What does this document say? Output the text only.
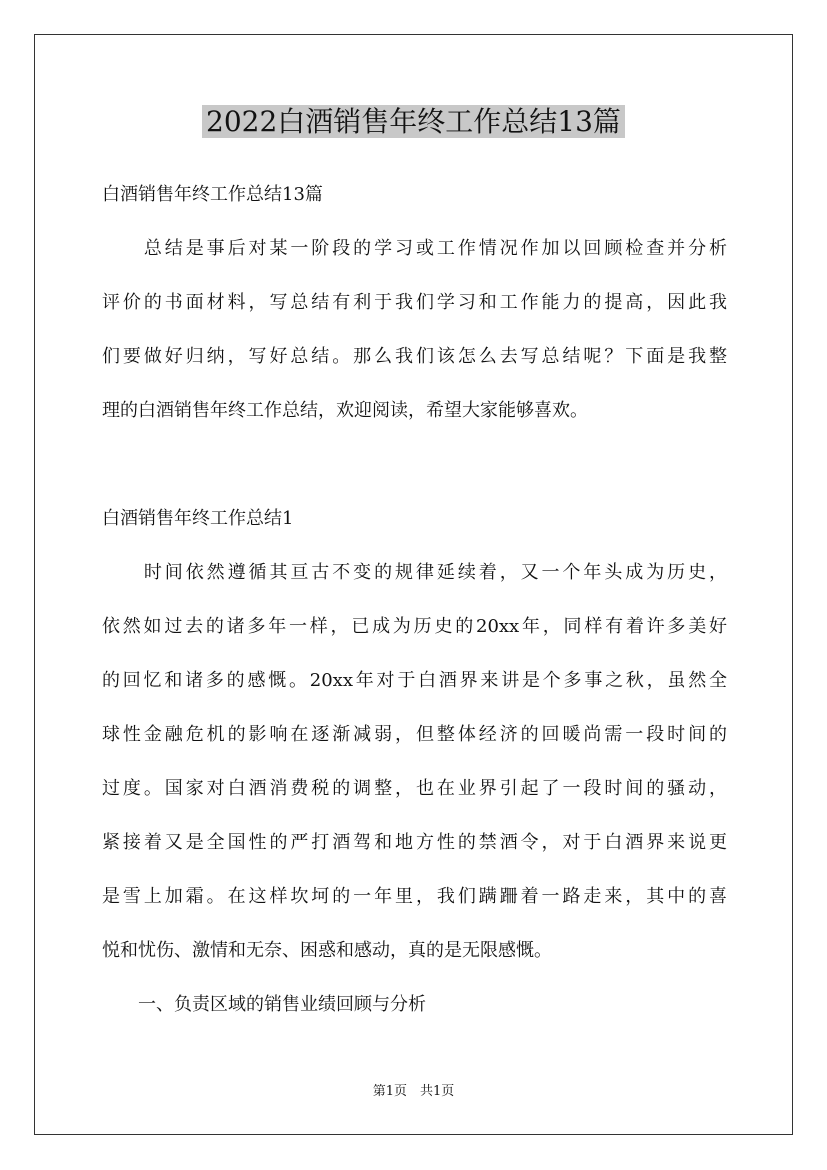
2022白酒销售年终工作总结13篇

白酒销售年终工作总结13篇

　　总结是事后对某一阶段的学习或工作情况作加以回顾检查并分析

评价的书面材料，写总结有利于我们学习和工作能力的提高，因此我

们要做好归纳，写好总结。那么我们该怎么去写总结呢？下面是我整

理的白酒销售年终工作总结，欢迎阅读，希望大家能够喜欢。

白酒销售年终工作总结1

　　时间依然遵循其亘古不变的规律延续着，又一个年头成为历史，

依然如过去的诸多年一样，已成为历史的20xx年，同样有着许多美好

的回忆和诸多的感慨。20xx年对于白酒界来讲是个多事之秋，虽然全

球性金融危机的影响在逐渐减弱，但整体经济的回暖尚需一段时间的

过度。国家对白酒消费税的调整，也在业界引起了一段时间的骚动，

紧接着又是全国性的严打酒驾和地方性的禁酒令，对于白酒界来说更

是雪上加霜。在这样坎坷的一年里，我们蹒跚着一路走来，其中的喜

悦和忧伤、激情和无奈、困惑和感动，真的是无限感慨。

　　一、负责区域的销售业绩回顾与分析

第1页　共1页
